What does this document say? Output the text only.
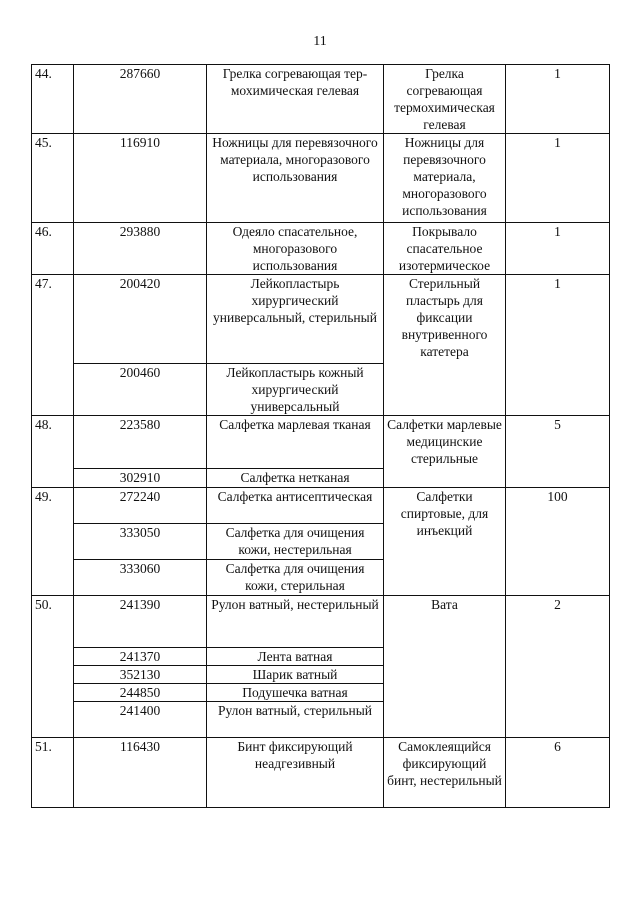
11
44.	287660	Грелка согревающая тер-мохимическая гелевая	Грелка согревающая термохимическая гелевая	1
45.	116910	Ножницы для перевязочного материала, многоразового использования	Ножницы для перевязочного материала, многоразового использования	1
46.	293880	Одеяло спасательное, многоразового использования	Покрывало спасательное изотермическое	1
47.	200420	Лейкопластырь хирургический универсальный, стерильный	Стерильный пластырь для фиксации внутривенного катетера	1
	200460	Лейкопластырь кожный хирургический универсальный		
48.	223580	Салфетка марлевая тканая	Салфетки марлевые медицинские стерильные	5
	302910	Салфетка нетканая		
49.	272240	Салфетка антисептическая	Салфетки спиртовые, для инъекций	100
	333050	Салфетка для очищения кожи, нестерильная		
	333060	Салфетка для очищения кожи, стерильная		
50.	241390	Рулон ватный, нестерильный	Вата	2
	241370	Лента ватная		
	352130	Шарик ватный		
	244850	Подушечка ватная		
	241400	Рулон ватный, стерильный		
51.	116430	Бинт фиксирующий неадгезивный	Самоклеящийся фиксирующий бинт, нестерильный	6
